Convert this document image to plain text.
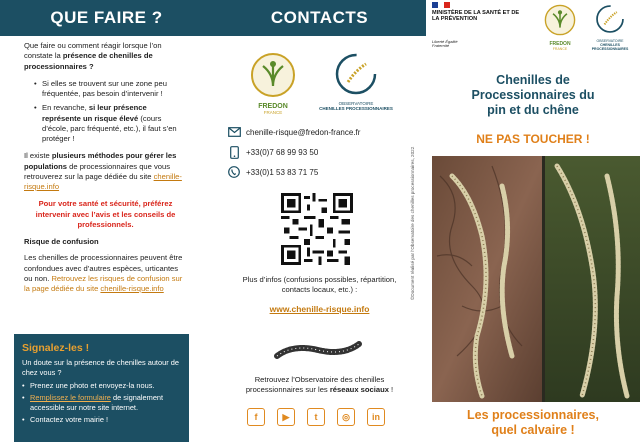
QUE FAIRE ?

Que faire ou comment réagir lorsque l’on constate la présence de chenilles de processionnaires ?

• Si elles se trouvent sur une zone peu fréquentée, pas besoin d’intervenir !
• En revanche, si leur présence représente un risque élevé (cours d’école, parc fréquenté, etc.), il faut s’en protéger !

Il existe plusieurs méthodes pour gérer les populations de processionnaires que vous retrouverez sur la page dédiée du site chenille-risque.info

Pour votre santé et sécurité, préférez intervenir avec l’avis et les conseils de professionnels.

Risque de confusion

Les chenilles de processionnaires peuvent être confondues avec d’autres espèces, urticantes ou non. Retrouvez les risques de confusion sur la page dédiée du site chenille-risque.info

Signalez-les !
Un doute sur la présence de chenilles autour de chez vous ?
• Prenez une photo et envoyez-la nous.
• Remplissez le formulaire de signalement accessible sur notre site internet.
• Contactez votre mairie !
CONTACTS
FREDON
FRANCE
OBSERVATOIRE
CHENILLES PROCESSIONNAIRES
chenille-risque@fredon-france.fr
+33(0)7 68 99 93 50
+33(0)1 53 83 71 75
Plus d’infos (confusions possibles, répartition, contacts locaux, etc.) :
www.chenille-risque.info
Retrouvez l’Observatoire des chenilles processionnaires sur les réseaux sociaux !
f	▶	t	◎	in
MINISTÈRE DE LA SANTÉ ET DE LA PRÉVENTION
Liberté Égalité Fraternité	FREDON
FRANCE
OBSERVATOIRE
CHENILLES PROCESSIONNAIRES
Chenilles de Processionnaires du pin et du chêne
NE PAS TOUCHER !
Les processionnaires, quel calvaire !
©Document réalisé par l’Observatoire des chenilles processionnaires, 2022
